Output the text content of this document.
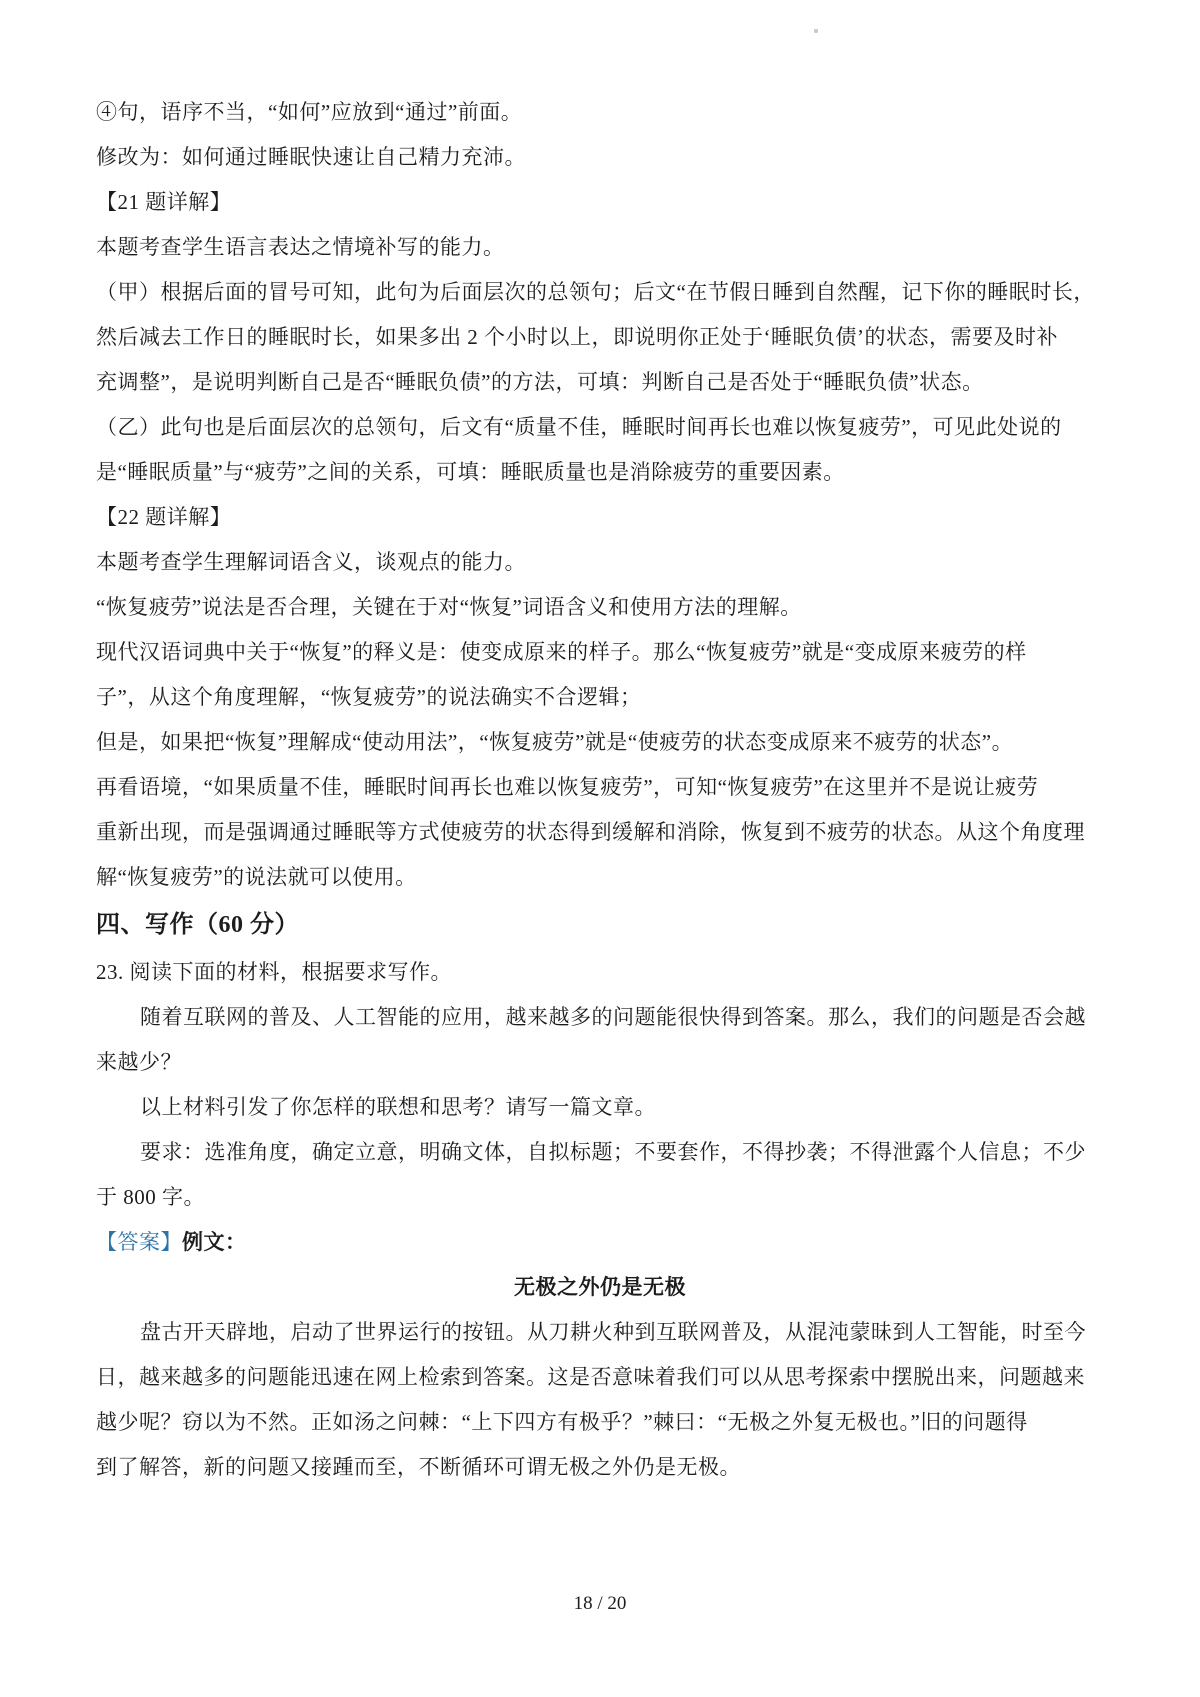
④句，语序不当，“如何”应放到“通过”前面。
修改为：如何通过睡眠快速让自己精力充沛。
【21 题详解】
本题考查学生语言表达之情境补写的能力。
（甲）根据后面的冒号可知，此句为后面层次的总领句；后文“在节假日睡到自然醒，记下你的睡眠时长，
然后减去工作日的睡眠时长，如果多出 2 个小时以上，即说明你正处于‘睡眠负债’的状态，需要及时补
充调整”，是说明判断自己是否“睡眠负债”的方法，可填：判断自己是否处于“睡眠负债”状态。
（乙）此句也是后面层次的总领句，后文有“质量不佳，睡眠时间再长也难以恢复疲劳”，可见此处说的
是“睡眠质量”与“疲劳”之间的关系，可填：睡眠质量也是消除疲劳的重要因素。
【22 题详解】
本题考查学生理解词语含义，谈观点的能力。
“恢复疲劳”说法是否合理，关键在于对“恢复”词语含义和使用方法的理解。
现代汉语词典中关于“恢复”的释义是：使变成原来的样子。那么“恢复疲劳”就是“变成原来疲劳的样
子”，从这个角度理解，“恢复疲劳”的说法确实不合逻辑；
但是，如果把“恢复”理解成“使动用法”，“恢复疲劳”就是“使疲劳的状态变成原来不疲劳的状态”。
再看语境，“如果质量不佳，睡眠时间再长也难以恢复疲劳”，可知“恢复疲劳”在这里并不是说让疲劳
重新出现，而是强调通过睡眠等方式使疲劳的状态得到缓解和消除，恢复到不疲劳的状态。从这个角度理
解“恢复疲劳”的说法就可以使用。
四、写作（60 分）
23. 阅读下面的材料，根据要求写作。
随着互联网的普及、人工智能的应用，越来越多的问题能很快得到答案。那么，我们的问题是否会越
来越少？
以上材料引发了你怎样的联想和思考？请写一篇文章。
要求：选准角度，确定立意，明确文体，自拟标题；不要套作，不得抄袭；不得泄露个人信息；不少
于 800 字。
【答案】例文：
无极之外仍是无极
盘古开天辟地，启动了世界运行的按钮。从刀耕火种到互联网普及，从混沌蒙昧到人工智能，时至今
日，越来越多的问题能迅速在网上检索到答案。这是否意味着我们可以从思考探索中摆脱出来，问题越来
越少呢？窃以为不然。正如汤之问棘：“上下四方有极乎？”棘曰：“无极之外复无极也。”旧的问题得
到了解答，新的问题又接踵而至，不断循环可谓无极之外仍是无极。
18 / 20
